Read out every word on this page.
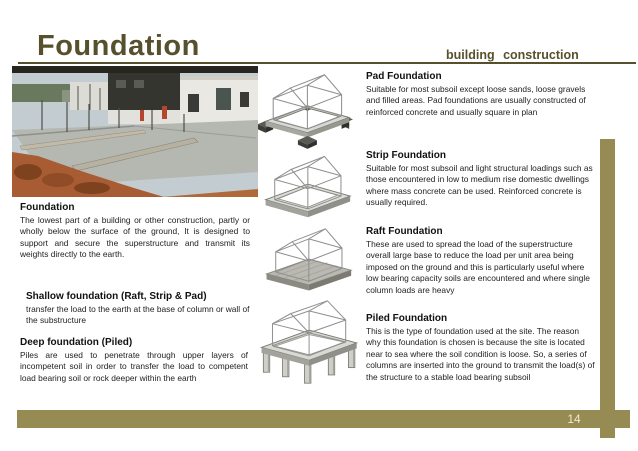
Foundation	building construction

Foundation

The lowest part of a building or other construction, partly or wholly below the surface of the ground, It is designed to support and secure the superstructure and transmit its weights directly to the earth.

Shallow foundation (Raft, Strip & Pad)

transfer the load to the earth at the base of column or wall of the substructure

Deep foundation (Piled)

Piles are used to penetrate through upper layers of incompetent soil in order to transfer the load to competent load bearing soil or rock deeper within the earth

Pad Foundation

Suitable for most subsoil except loose sands, loose gravels and filled areas. Pad foundations are usually constructed of reinforced concrete and usually square in plan

Strip Foundation

Suitable for most subsoil and light structural loadings such as those encountered in low to medium rise domestic dwellings where mass concrete can be used. Reinforced concrete is usually required.

Raft Foundation

These are used to spread the load of the superstructure overall large base to reduce the load per unit area being imposed on the ground and this is particularly useful where low bearing capacity soils are encountered and where single column loads are heavy

Piled Foundation

This is the type of foundation used at the site. The reason why this foundation is chosen is because the site is located near to sea where the soil condition is loose. So, a series of columns are inserted into the ground to transmit the load(s) of the structure to a stable load bearing subsoil

14
